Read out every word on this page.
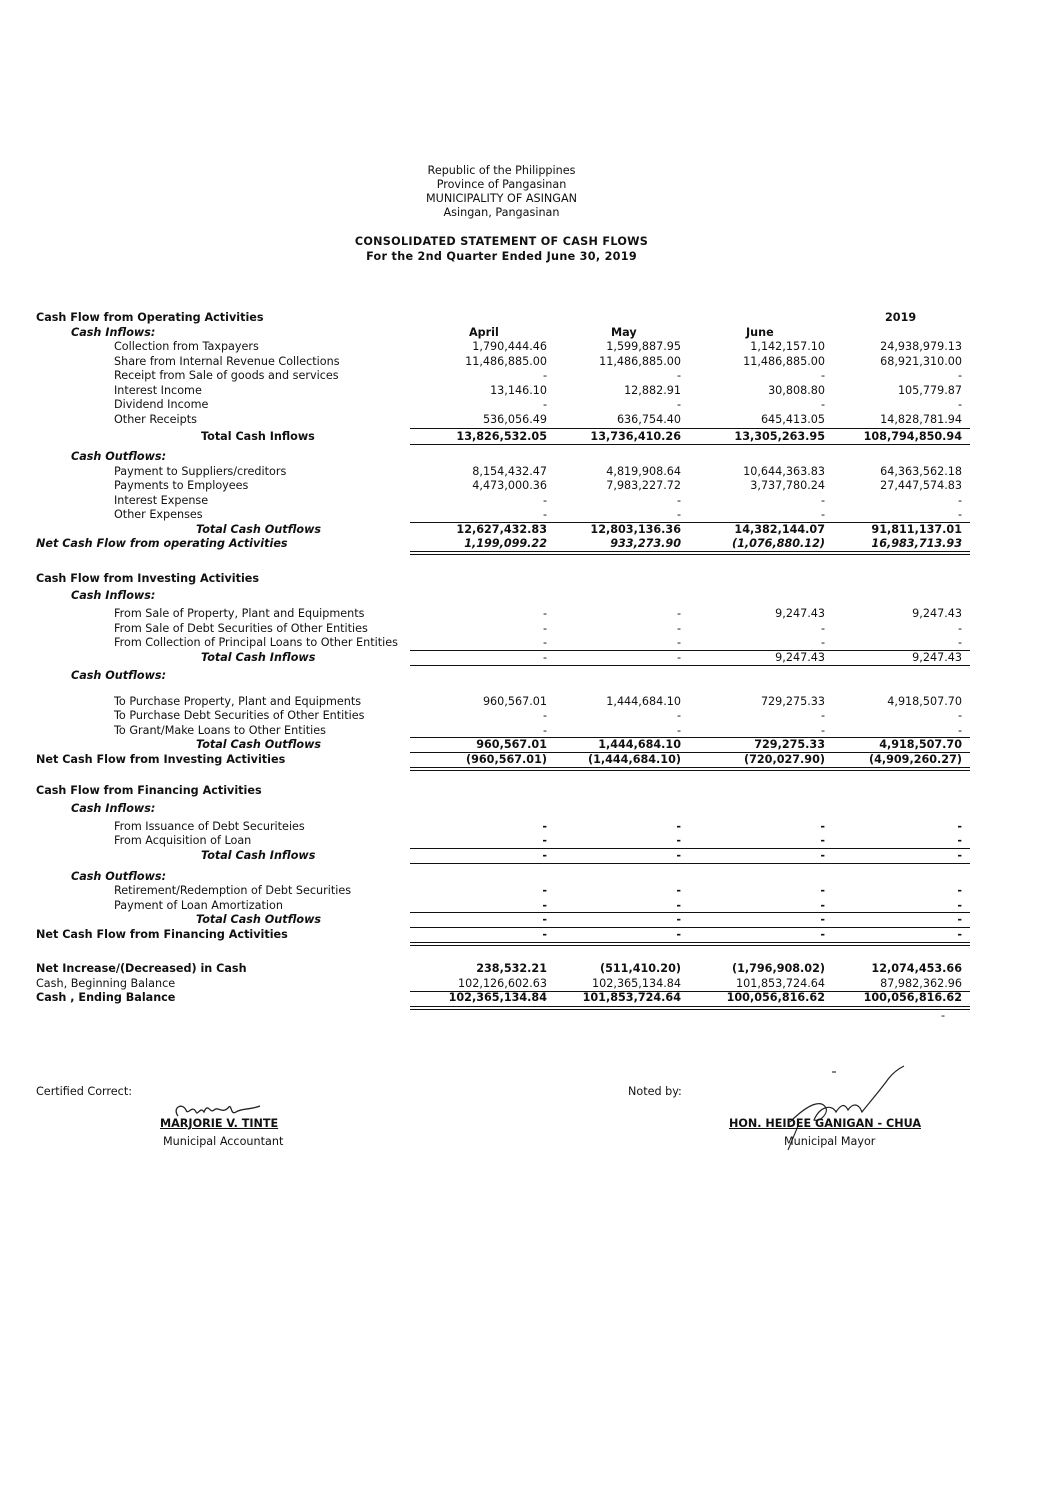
Republic of the Philippines
Province of Pangasinan
MUNICIPALITY OF ASINGAN
Asingan, Pangasinan
CONSOLIDATED STATEMENT OF CASH FLOWS
For the 2nd Quarter Ended June 30, 2019
Cash Flow from Operating Activities	2019
Cash Inflows:	April	May	June
Collection from Taxpayers	1,790,444.46	1,599,887.95	1,142,157.10	24,938,979.13
Share from Internal Revenue Collections	11,486,885.00	11,486,885.00	11,486,885.00	68,921,310.00
Receipt from Sale of goods and services	-	-	-	-
Interest Income	13,146.10	12,882.91	30,808.80	105,779.87
Dividend Income	-	-	-	-
Other Receipts	536,056.49	636,754.40	645,413.05	14,828,781.94
Total Cash Inflows	13,826,532.05	13,736,410.26	13,305,263.95	108,794,850.94
Cash Outflows:
Payment to Suppliers/creditors	8,154,432.47	4,819,908.64	10,644,363.83	64,363,562.18
Payments to Employees	4,473,000.36	7,983,227.72	3,737,780.24	27,447,574.83
Interest Expense	-	-	-	-
Other Expenses	-	-	-	-
Total Cash Outflows	12,627,432.83	12,803,136.36	14,382,144.07	91,811,137.01
Net Cash Flow from operating Activities	1,199,099.22	933,273.90	(1,076,880.12)	16,983,713.93
Cash Flow from Investing Activities
Cash Inflows:
From Sale of Property, Plant and Equipments	-	-	9,247.43	9,247.43
From Sale of Debt Securities of Other Entities	-	-	-	-
From Collection of Principal Loans to Other Entities	-	-	-	-
Total Cash Inflows	-	-	9,247.43	9,247.43
Cash Outflows:
To Purchase Property, Plant and Equipments	960,567.01	1,444,684.10	729,275.33	4,918,507.70
To Purchase Debt Securities of Other Entities	-	-	-	-
To Grant/Make Loans to Other Entities	-	-	-	-
Total Cash Outflows	960,567.01	1,444,684.10	729,275.33	4,918,507.70
Net Cash Flow from Investing Activities	(960,567.01)	(1,444,684.10)	(720,027.90)	(4,909,260.27)
Cash Flow from Financing Activities
Cash Inflows:
From Issuance of Debt Securiteies	-	-	-	-
From Acquisition of Loan	-	-	-	-
Total Cash Inflows	-	-	-	-
Cash Outflows:
Retirement/Redemption of Debt Securities	-	-	-	-
Payment of Loan Amortization	-	-	-	-
Total Cash Outflows	-	-	-	-
Net Cash Flow from Financing Activities	-	-	-	-
Net Increase/(Decreased) in Cash	238,532.21	(511,410.20)	(1,796,908.02)	12,074,453.66
Cash, Beginning Balance	102,126,602.63	102,365,134.84	101,853,724.64	87,982,362.96
Cash , Ending Balance	102,365,134.84	101,853,724.64	100,056,816.62	100,056,816.62
-
Certified Correct:
MARJORIE V. TINTE
Municipal Accountant
Noted by:
HON. HEIDEE GANIGAN - CHUA
Municipal Mayor
